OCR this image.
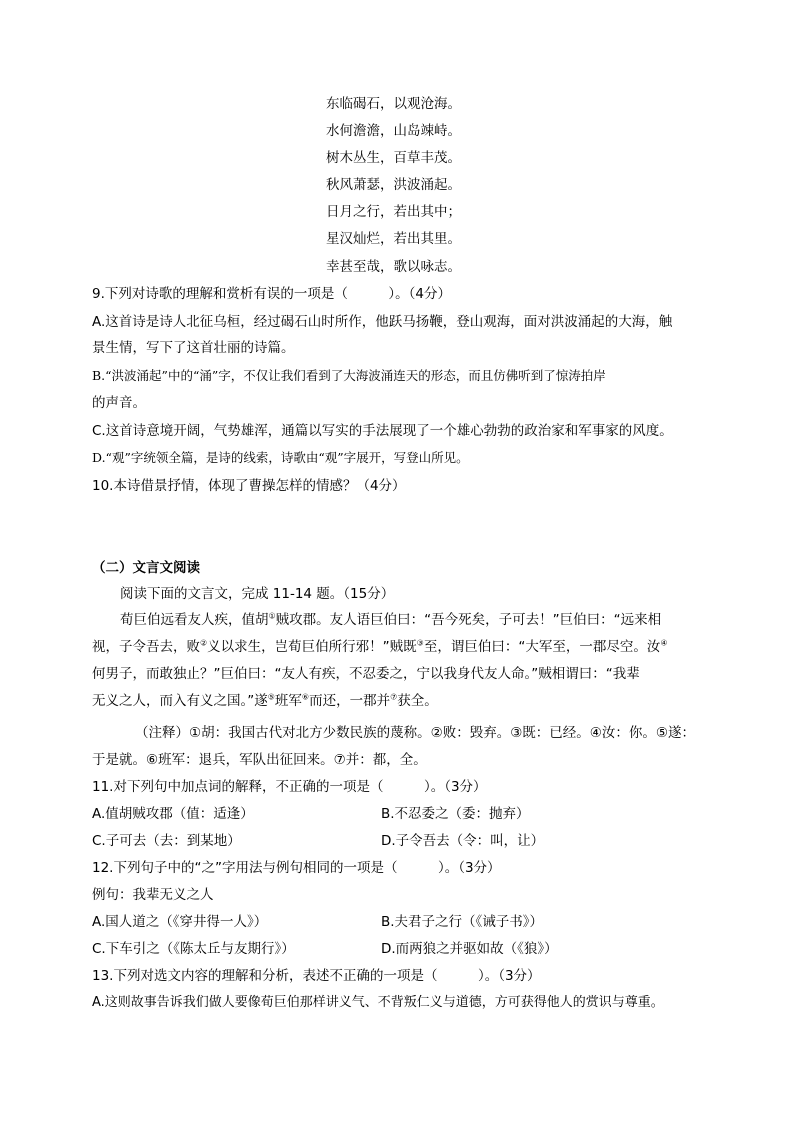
东临碣石，以观沧海。
水何澹澹，山岛竦峙。
树木丛生，百草丰茂。
秋风萧瑟，洪波涌起。
日月之行，若出其中；
星汉灿烂，若出其里。
幸甚至哉，歌以咏志。
9.下列对诗歌的理解和赏析有误的一项是（　　　）。（4分）
A.这首诗是诗人北征乌桓，经过碣石山时所作，他跃马扬鞭，登山观海，面对洪波涌起的大海，触
景生情，写下了这首壮丽的诗篇。
B.“洪波涌起”中的“涌”字，不仅让我们看到了大海波涌连天的形态，而且仿佛听到了惊涛拍岸
的声音。
C.这首诗意境开阔，气势雄浑，通篇以写实的手法展现了一个雄心勃勃的政治家和军事家的风度。
D.“观”字统领全篇，是诗的线索，诗歌由“观”字展开，写登山所见。
10.本诗借景抒情，体现了曹操怎样的情感？（4分）
（二）文言文阅读
阅读下面的文言文，完成 11-14 题。（15分）
荀巨伯远看友人疾，值胡①贼攻郡。友人语巨伯曰：“吾今死矣，子可去！”巨伯曰：“远来相
视，子令吾去，败②义以求生，岂荀巨伯所行邪！”贼既③至，谓巨伯曰：“大军至，一郡尽空。汝④
何男子，而敢独止？”巨伯曰：“友人有疾，不忍委之，宁以我身代友人命。”贼相谓曰：“我辈
无义之人，而入有义之国。”遂⑤班军⑥而还，一郡并⑦获全。
（注释）①胡：我国古代对北方少数民族的蔑称。②败：毁弃。③既：已经。④汝：你。⑤遂：
于是就。⑥班军：退兵，军队出征回来。⑦并：都，全。
11.对下列句中加点词的解释，不正确的一项是（　　　）。（3分）
A.值胡贼攻郡（值：适逢）	B.不忍委之（委：抛弃）
C.子可去（去：到某地）	D.子令吾去（令：叫，让）
12.下列句子中的“之”字用法与例句相同的一项是（　　　）。（3分）
例句：我辈无义之人
A.国人道之（《穿井得一人》）	B.夫君子之行（《诫子书》）
C.下车引之（《陈太丘与友期行》）	D.而两狼之并驱如故（《狼》）
13.下列对选文内容的理解和分析，表述不正确的一项是（　　　）。（3分）
A.这则故事告诉我们做人要像荀巨伯那样讲义气、不背叛仁义与道德，方可获得他人的赏识与尊重。
